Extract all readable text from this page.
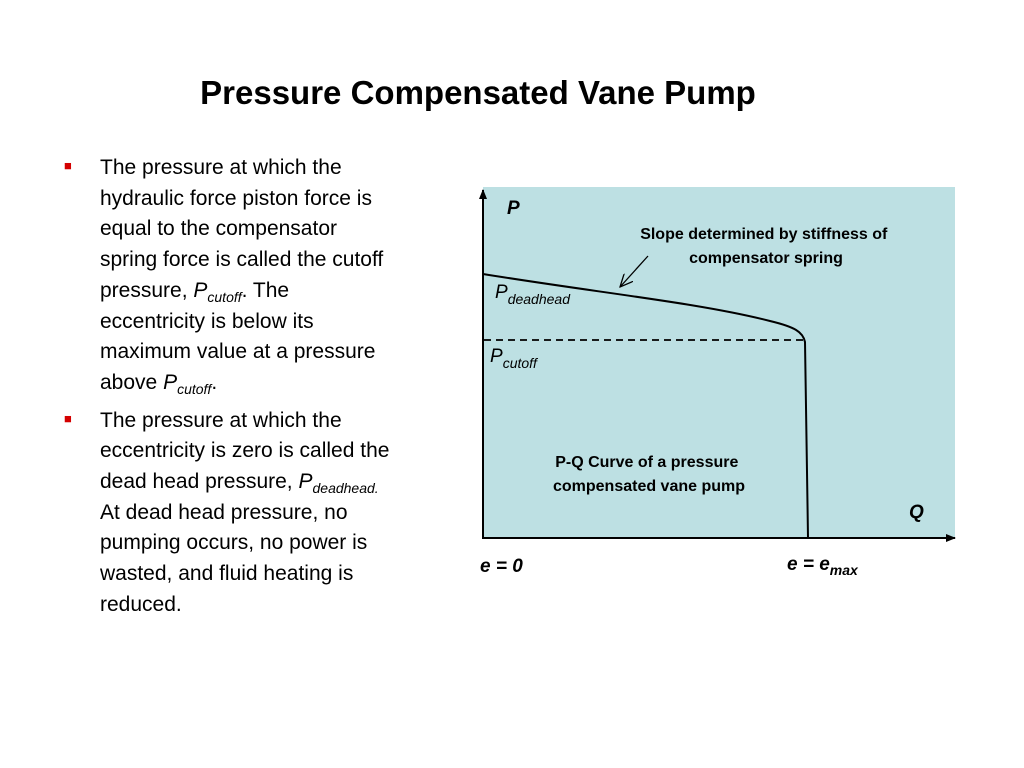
Pressure Compensated Vane Pump
■ The pressure at which the hydraulic force piston force is equal to the compensator spring force is called the cutoff pressure, $P_{cutoff}$. The eccentricity is below its maximum value at a pressure above $P_{cutoff}$.
■ The pressure at which the eccentricity is zero is called the dead head pressure, $P_{deadhead.}$ At dead head pressure, no pumping occurs, no power is wasted, and fluid heating is reduced.
P
Q
Slope determined by stiffness of compensator spring
$P_{deadhead}$
$P_{cutoff}$
P-Q Curve of a pressure compensated vane pump
e = 0	$e = e_{max}$
